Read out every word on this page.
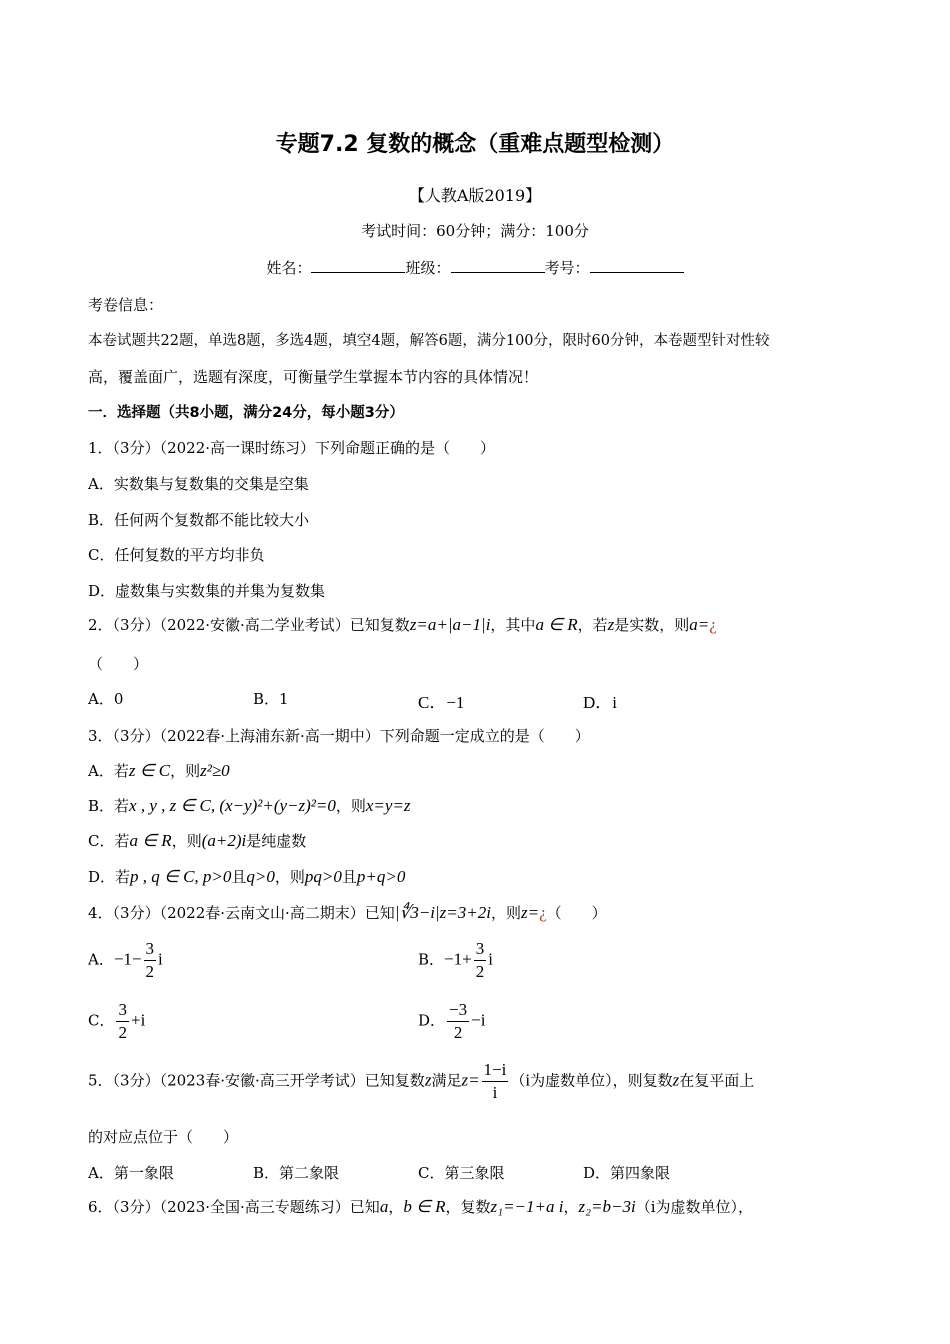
专题7.2 复数的概念（重难点题型检测）
【人教A版2019】
考试时间：60分钟；满分：100分
姓名：	班级：	考号：
考卷信息：
本卷试题共22题，单选8题，多选4题，填空4题，解答6题，满分100分，限时60分钟，本卷题型针对性较
高，覆盖面广，选题有深度，可衡量学生掌握本节内容的具体情况！
一．选择题（共8小题，满分24分，每小题3分）
1．（3分）（2022·高一课时练习）下列命题正确的是（　　）
A．实数集与复数集的交集是空集
B．任何两个复数都不能比较大小
C．任何复数的平方均非负
D．虚数集与实数集的并集为复数集
2．（3分）（2022·安徽·高二学业考试）已知复数z=a+|a−1|i，其中a ∈ R，若z是实数，则a=¿
（　　）
A．0	B．1	C．−1	D．i
3．（3分）（2022春·上海浦东新·高一期中）下列命题一定成立的是（　　）
A．若z ∈ C，则z²≥0
B．若x , y , z ∈ C, (x−y)²+(y−z)²=0，则x=y=z
C．若a ∈ R，则(a+2)i是纯虚数
D．若p , q ∈ C, p>0且q>0，则pq>0且p+q>0
4．（3分）（2022春·云南文山·高二期末）已知|∜3−i|z=3+2i，则z=¿（　　）
A．$-1- \frac{3}{2}$ i	B．$-1+ \frac{3}{2}$ i
C． $\frac{3}{2} +i$	D． $\frac{-3}{2} -i$
5．（3分）（2023春·安徽·高三开学考试）已知复数z满足$z= \frac{1-i}{i} (i$为虚数单位），则复数z在复平面上
的对应点位于（　　）
A．第一象限	B．第二象限	C．第三象限	D．第四象限
6．（3分）（2023·全国·高三专题练习）已知a，b ∈ R，复数z₁=−1+a i，z₂=b−3i（i为虚数单位），
